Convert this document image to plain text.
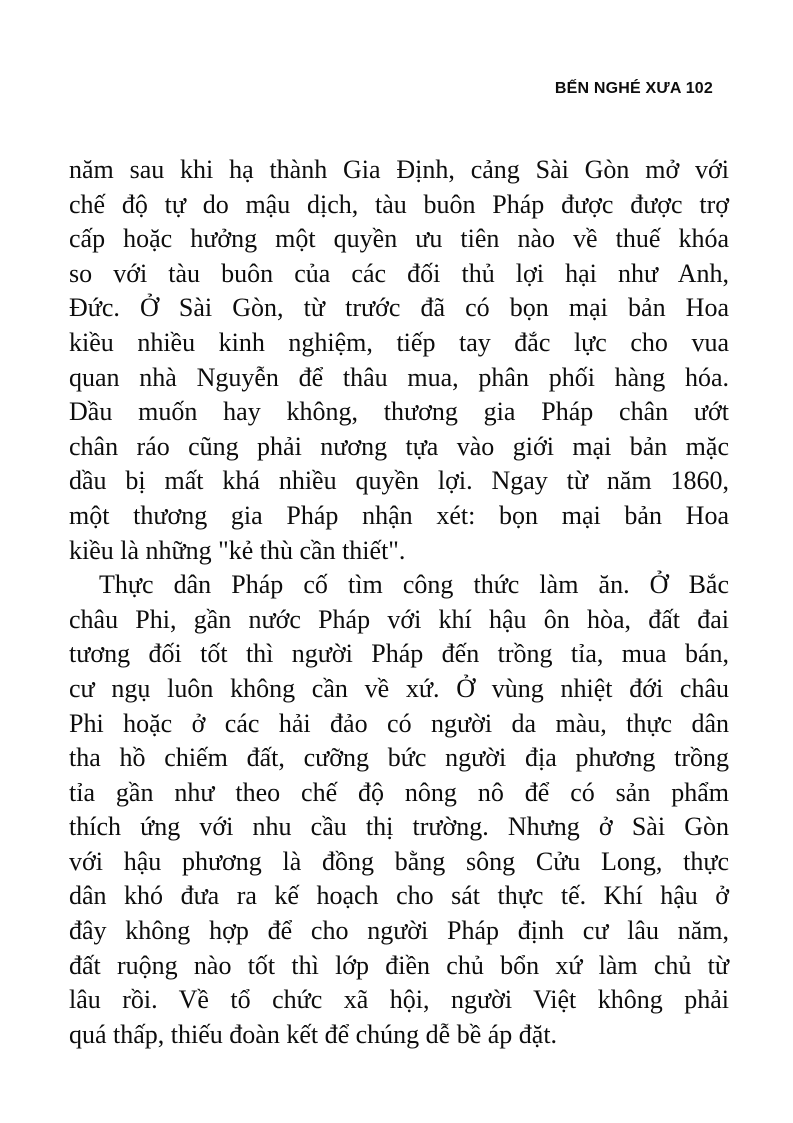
BẾN NGHÉ XƯA 102
năm sau khi hạ thành Gia Định, cảng Sài Gòn mở với
chế độ tự do mậu dịch, tàu buôn Pháp được được trợ
cấp hoặc hưởng một quyền ưu tiên nào về thuế khóa
so với tàu buôn của các đối thủ lợi hại như Anh,
Đức. Ở Sài Gòn, từ trước đã có bọn mại bản Hoa
kiều nhiều kinh nghiệm, tiếp tay đắc lực cho vua
quan nhà Nguyễn để thâu mua, phân phối hàng hóa.
Dầu muốn hay không, thương gia Pháp chân ướt
chân ráo cũng phải nương tựa vào giới mại bản mặc
dầu bị mất khá nhiều quyền lợi. Ngay từ năm 1860,
một thương gia Pháp nhận xét: bọn mại bản Hoa
kiều là những "kẻ thù cần thiết".
Thực dân Pháp cố tìm công thức làm ăn. Ở Bắc
châu Phi, gần nước Pháp với khí hậu ôn hòa, đất đai
tương đối tốt thì người Pháp đến trồng tỉa, mua bán,
cư ngụ luôn không cần về xứ. Ở vùng nhiệt đới châu
Phi hoặc ở các hải đảo có người da màu, thực dân
tha hồ chiếm đất, cưỡng bức người địa phương trồng
tỉa gần như theo chế độ nông nô để có sản phẩm
thích ứng với nhu cầu thị trường. Nhưng ở Sài Gòn
với hậu phương là đồng bằng sông Cửu Long, thực
dân khó đưa ra kế hoạch cho sát thực tế. Khí hậu ở
đây không hợp để cho người Pháp định cư lâu năm,
đất ruộng nào tốt thì lớp điền chủ bổn xứ làm chủ từ
lâu rồi. Về tổ chức xã hội, người Việt không phải
quá thấp, thiếu đoàn kết để chúng dễ bề áp đặt.
